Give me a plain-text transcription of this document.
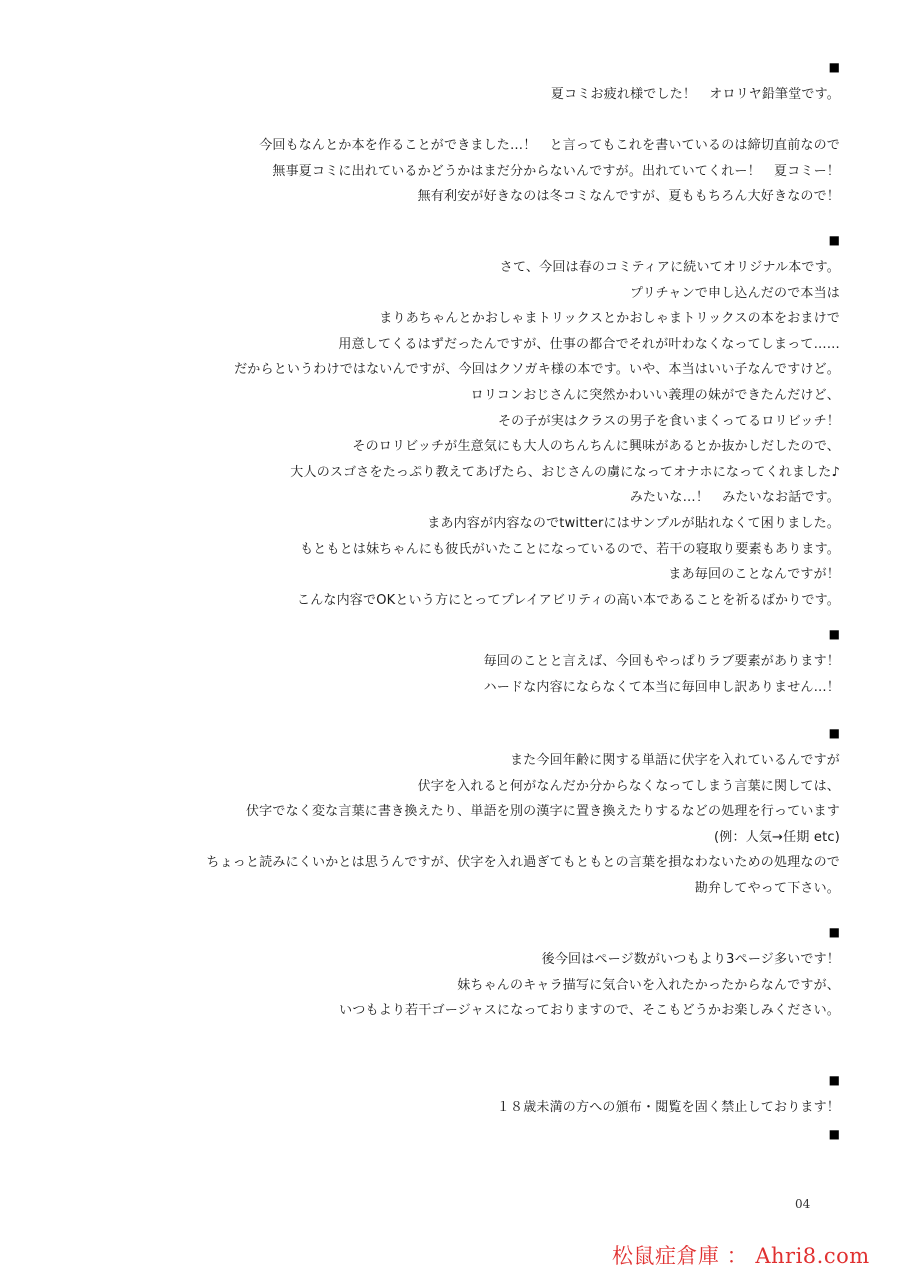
■
夏コミお疲れ様でした！　オロリヤ鉛筆堂です。

今回もなんとか本を作ることができました…！　と言ってもこれを書いているのは締切直前なので
無事夏コミに出れているかどうかはまだ分からないんですが。出れていてくれー！　夏コミー！
無有利安が好きなのは冬コミなんですが、夏ももちろん大好きなので！
■
さて、今回は春のコミティアに続いてオリジナル本です。
プリチャンで申し込んだので本当は
まりあちゃんとかおしゃまトリックスとかおしゃまトリックスの本をおまけで
用意してくるはずだったんですが、仕事の都合でそれが叶わなくなってしまって……
だからというわけではないんですが、今回はクソガキ様の本です。いや、本当はいい子なんですけど。
ロリコンおじさんに突然かわいい義理の妹ができたんだけど、
その子が実はクラスの男子を食いまくってるロリビッチ！
そのロリビッチが生意気にも大人のちんちんに興味があるとか抜かしだしたので、
大人のスゴさをたっぷり教えてあげたら、おじさんの虜になってオナホになってくれました♪
みたいな…！　みたいなお話です。
まあ内容が内容なのでtwitterにはサンプルが貼れなくて困りました。
もともとは妹ちゃんにも彼氏がいたことになっているので、若干の寝取り要素もあります。
まあ毎回のことなんですが！
こんな内容でOKという方にとってプレイアビリティの高い本であることを祈るばかりです。
■
毎回のことと言えば、今回もやっぱりラブ要素があります！
ハードな内容にならなくて本当に毎回申し訳ありません…！
■
また今回年齢に関する単語に伏字を入れているんですが
伏字を入れると何がなんだか分からなくなってしまう言葉に関しては、
伏字でなく変な言葉に書き換えたり、単語を別の漢字に置き換えたりするなどの処理を行っています
(例：人気→任期 etc)
ちょっと読みにくいかとは思うんですが、伏字を入れ過ぎてもともとの言葉を損なわないための処理なので
勘弁してやって下さい。
■
後今回はページ数がいつもより3ページ多いです！
妹ちゃんのキャラ描写に気合いを入れたかったからなんですが、
いつもより若干ゴージャスになっておりますので、そこもどうかお楽しみください。
■
１８歳未満の方への頒布・閲覧を固く禁止しております！
■
04
松鼠症倉庫 ： Ahri8.com
